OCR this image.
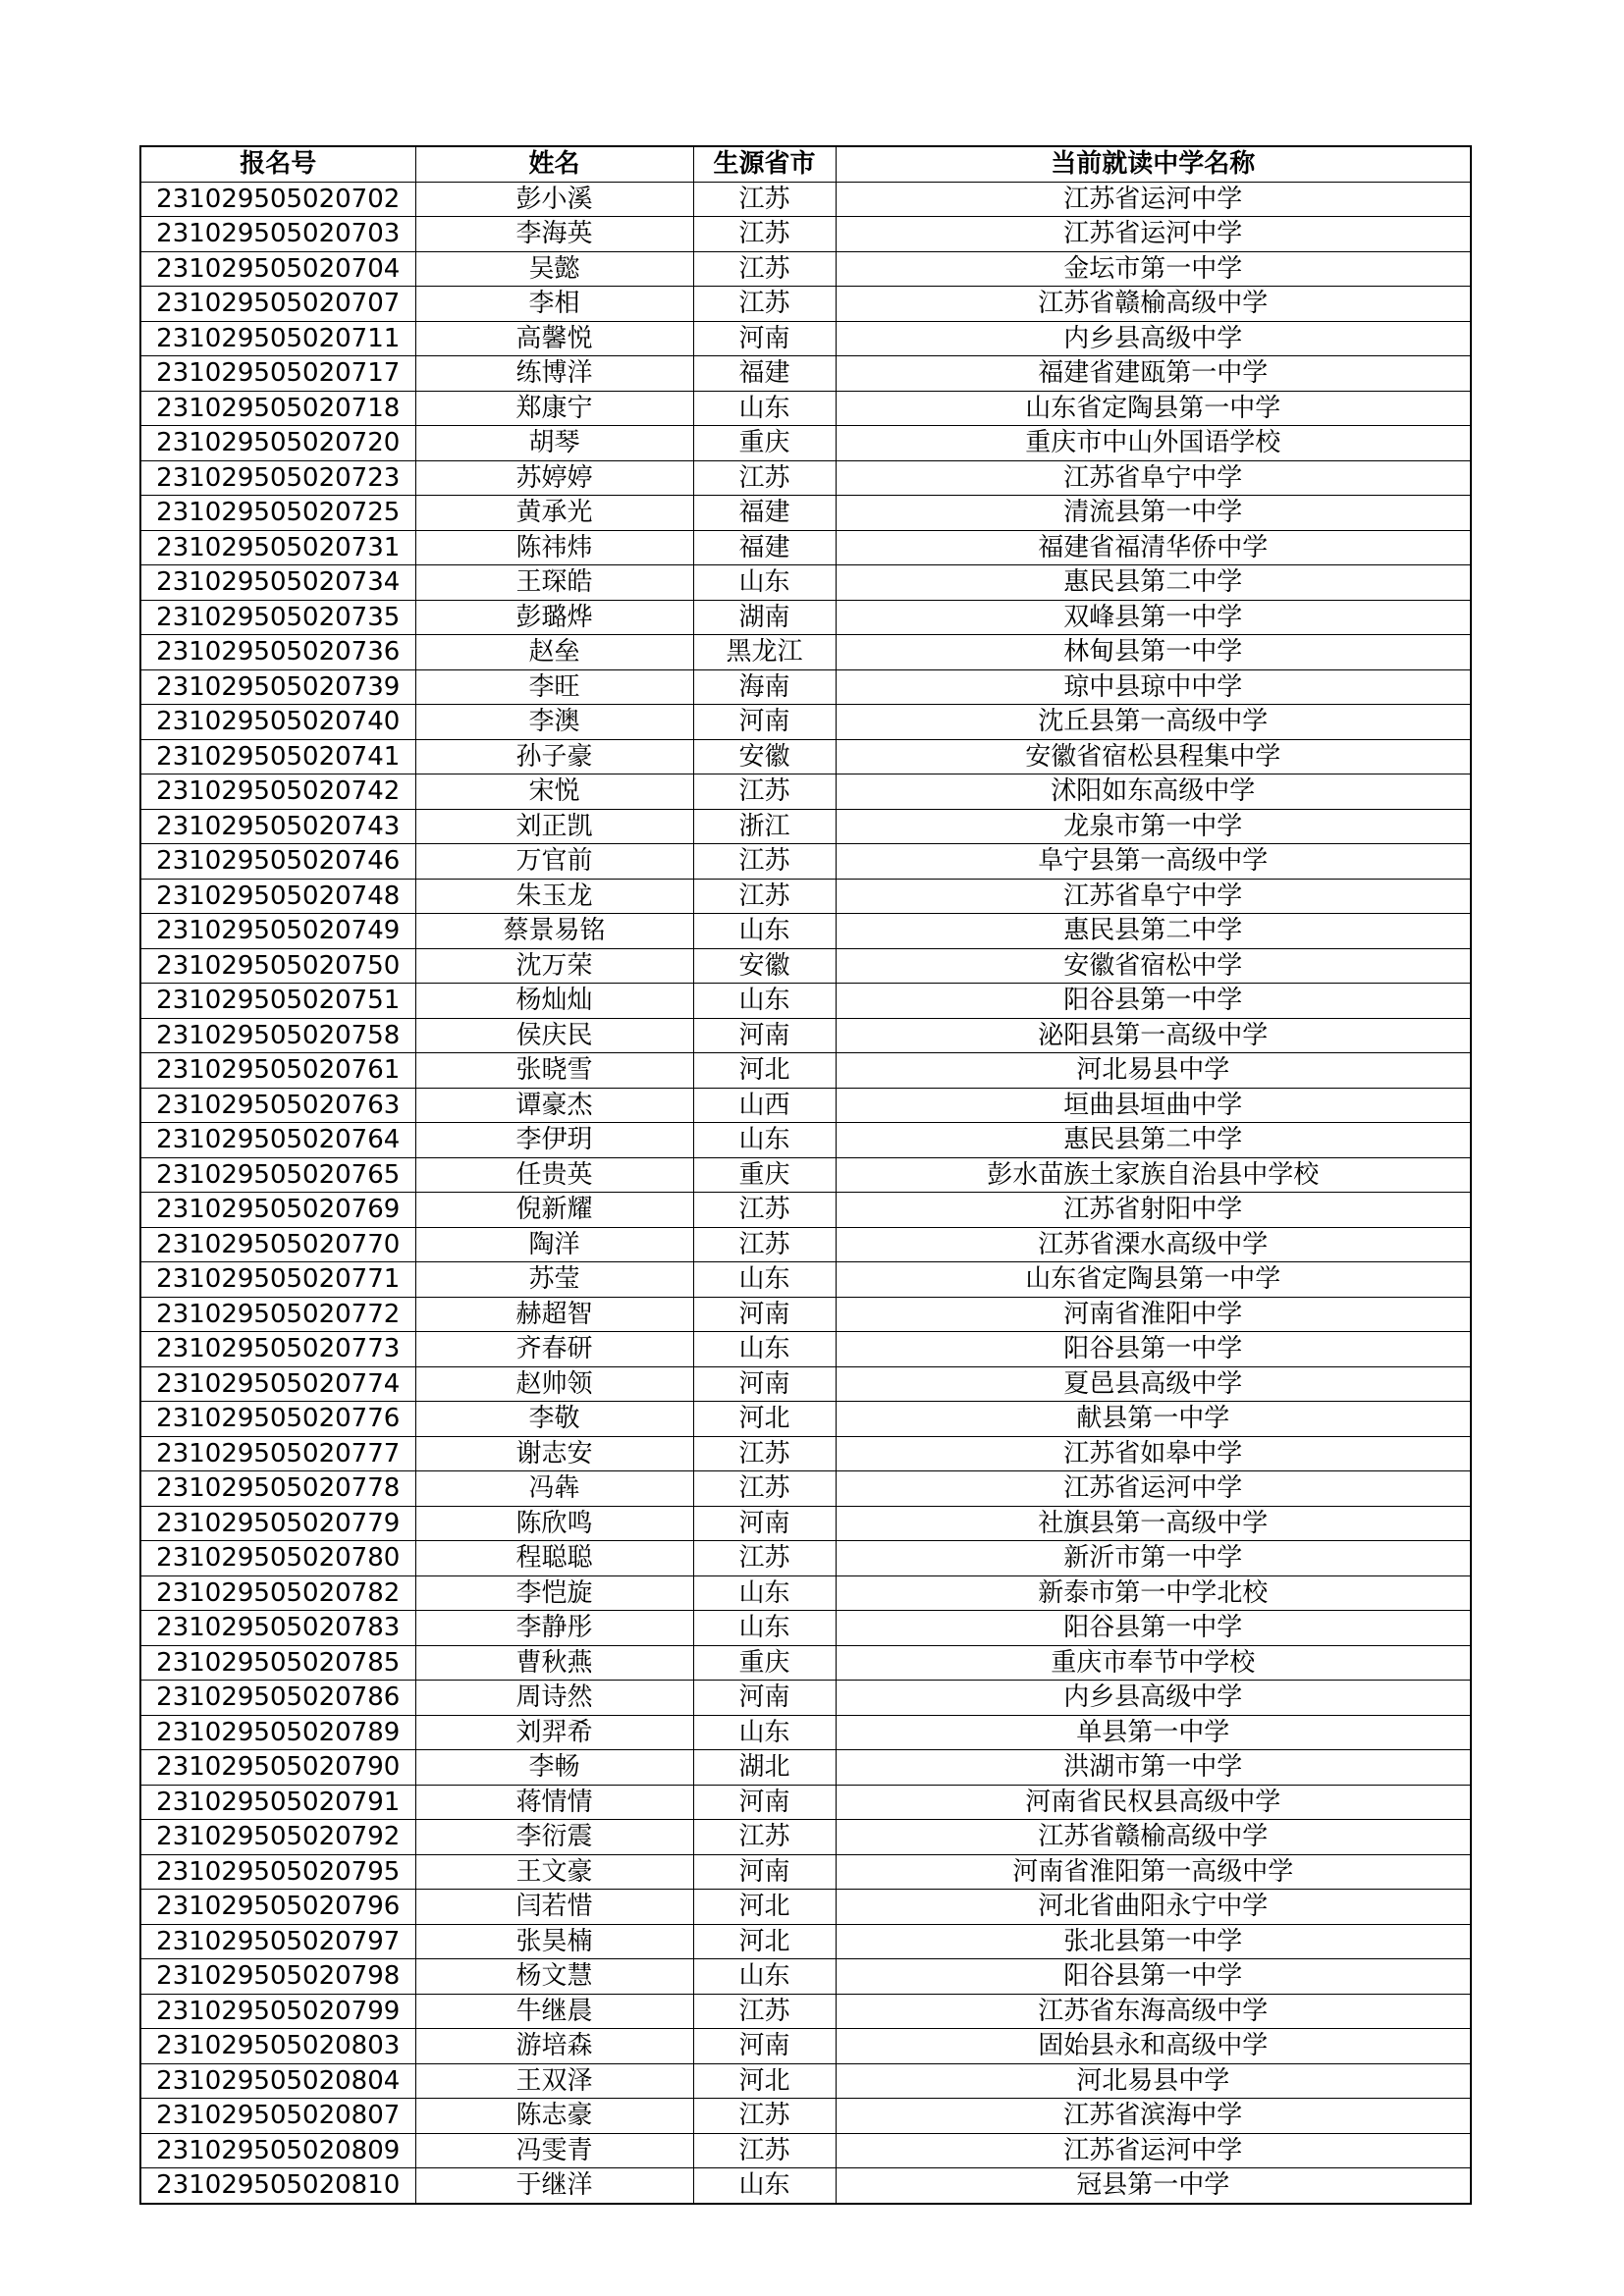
报名号	姓名	生源省市	当前就读中学名称
231029505020702	彭小溪	江苏	江苏省运河中学
231029505020703	李海英	江苏	江苏省运河中学
231029505020704	吴懿	江苏	金坛市第一中学
231029505020707	李相	江苏	江苏省赣榆高级中学
231029505020711	高馨悦	河南	内乡县高级中学
231029505020717	练博洋	福建	福建省建瓯第一中学
231029505020718	郑康宁	山东	山东省定陶县第一中学
231029505020720	胡琴	重庆	重庆市中山外国语学校
231029505020723	苏婷婷	江苏	江苏省阜宁中学
231029505020725	黄承光	福建	清流县第一中学
231029505020731	陈祎炜	福建	福建省福清华侨中学
231029505020734	王琛皓	山东	惠民县第二中学
231029505020735	彭璐烨	湖南	双峰县第一中学
231029505020736	赵垒	黑龙江	林甸县第一中学
231029505020739	李旺	海南	琼中县琼中中学
231029505020740	李澳	河南	沈丘县第一高级中学
231029505020741	孙子豪	安徽	安徽省宿松县程集中学
231029505020742	宋悦	江苏	沭阳如东高级中学
231029505020743	刘正凯	浙江	龙泉市第一中学
231029505020746	万官前	江苏	阜宁县第一高级中学
231029505020748	朱玉龙	江苏	江苏省阜宁中学
231029505020749	蔡景易铭	山东	惠民县第二中学
231029505020750	沈万荣	安徽	安徽省宿松中学
231029505020751	杨灿灿	山东	阳谷县第一中学
231029505020758	侯庆民	河南	泌阳县第一高级中学
231029505020761	张晓雪	河北	河北易县中学
231029505020763	谭豪杰	山西	垣曲县垣曲中学
231029505020764	李伊玥	山东	惠民县第二中学
231029505020765	任贵英	重庆	彭水苗族土家族自治县中学校
231029505020769	倪新耀	江苏	江苏省射阳中学
231029505020770	陶洋	江苏	江苏省溧水高级中学
231029505020771	苏莹	山东	山东省定陶县第一中学
231029505020772	赫超智	河南	河南省淮阳中学
231029505020773	齐春研	山东	阳谷县第一中学
231029505020774	赵帅领	河南	夏邑县高级中学
231029505020776	李敬	河北	献县第一中学
231029505020777	谢志安	江苏	江苏省如皋中学
231029505020778	冯犇	江苏	江苏省运河中学
231029505020779	陈欣鸣	河南	社旗县第一高级中学
231029505020780	程聪聪	江苏	新沂市第一中学
231029505020782	李恺旋	山东	新泰市第一中学北校
231029505020783	李静彤	山东	阳谷县第一中学
231029505020785	曹秋燕	重庆	重庆市奉节中学校
231029505020786	周诗然	河南	内乡县高级中学
231029505020789	刘羿希	山东	单县第一中学
231029505020790	李畅	湖北	洪湖市第一中学
231029505020791	蒋情情	河南	河南省民权县高级中学
231029505020792	李衍震	江苏	江苏省赣榆高级中学
231029505020795	王文豪	河南	河南省淮阳第一高级中学
231029505020796	闫若惜	河北	河北省曲阳永宁中学
231029505020797	张昊楠	河北	张北县第一中学
231029505020798	杨文慧	山东	阳谷县第一中学
231029505020799	牛继晨	江苏	江苏省东海高级中学
231029505020803	游培森	河南	固始县永和高级中学
231029505020804	王双泽	河北	河北易县中学
231029505020807	陈志豪	江苏	江苏省滨海中学
231029505020809	冯雯青	江苏	江苏省运河中学
231029505020810	于继洋	山东	冠县第一中学
